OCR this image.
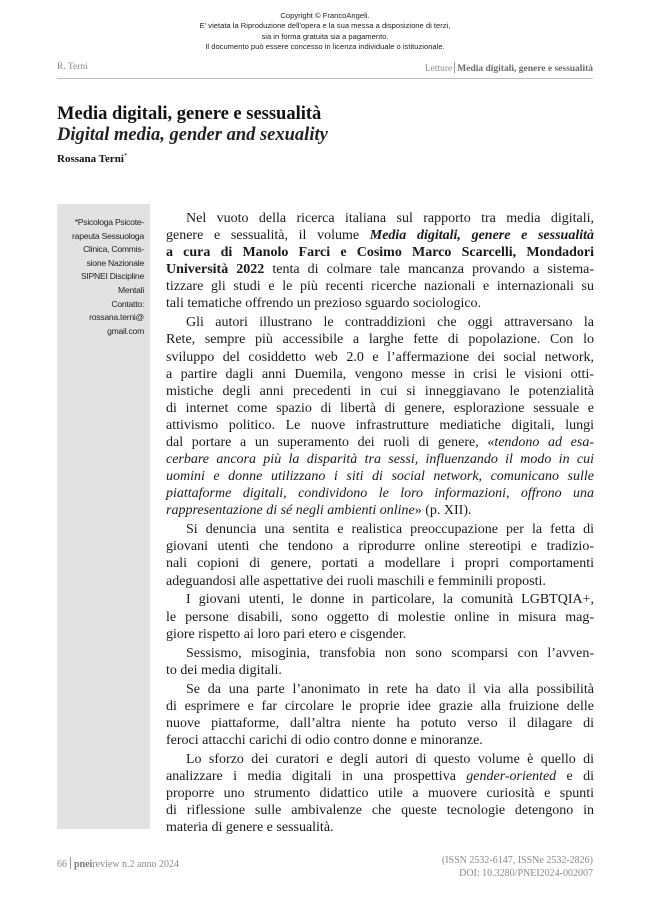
Copyright © FrancoAngeli.
E' vietata la Riproduzione dell'opera e la sua messa a disposizione di terzi,
sia in forma gratuita sia a pagamento.
Il documento può essere concesso in licenza individuale o istituzionale.
R. Terni	Letture Media digitali, genere e sessualità
Media digitali, genere e sessualità
Digital media, gender and sexuality
Rossana Terni*
*Psicologa Psicote-
rapeuta Sessuologa
Clinica, Commis-
sione Nazionale
SIPNEI Discipline
Mentali
Contatto:
rossana.terni@
gmail.com
Nel vuoto della ricerca italiana sul rapporto tra media digitali,
genere e sessualità, il volume Media digitali, genere e sessualità
a cura di Manolo Farci e Cosimo Marco Scarcelli, Mondadori
Università 2022 tenta di colmare tale mancanza provando a sistema-
tizzare gli studi e le più recenti ricerche nazionali e internazionali su
tali tematiche offrendo un prezioso sguardo sociologico.
Gli autori illustrano le contraddizioni che oggi attraversano la
Rete, sempre più accessibile a larghe fette di popolazione. Con lo
sviluppo del cosiddetto web 2.0 e l’affermazione dei social network,
a partire dagli anni Duemila, vengono messe in crisi le visioni otti-
mistiche degli anni precedenti in cui si inneggiavano le potenzialità
di internet come spazio di libertà di genere, esplorazione sessuale e
attivismo politico. Le nuove infrastrutture mediatiche digitali, lungi
dal portare a un superamento dei ruoli di genere, «tendono ad esa-
cerbare ancora più la disparità tra sessi, influenzando il modo in cui
uomini e donne utilizzano i siti di social network, comunicano sulle
piattaforme digitali, condividono le loro informazioni, offrono una
rappresentazione di sé negli ambienti online» (p. XII).
Si denuncia una sentita e realistica preoccupazione per la fetta di
giovani utenti che tendono a riprodurre online stereotipi e tradizio-
nali copioni di genere, portati a modellare i propri comportamenti
adeguandosi alle aspettative dei ruoli maschili e femminili proposti.
I giovani utenti, le donne in particolare, la comunità LGBTQIA+,
le persone disabili, sono oggetto di molestie online in misura mag-
giore rispetto ai loro pari etero e cisgender.
Sessismo, misoginia, transfobia non sono scomparsi con l’avven-
to dei media digitali.
Se da una parte l’anonimato in rete ha dato il via alla possibilità
di esprimere e far circolare le proprie idee grazie alla fruizione delle
nuove piattaforme, dall’altra niente ha potuto verso il dilagare di
feroci attacchi carichi di odio contro donne e minoranze.
Lo sforzo dei curatori e degli autori di questo volume è quello di
analizzare i media digitali in una prospettiva gender-oriented e di
proporre uno strumento didattico utile a muovere curiosità e spunti
di riflessione sulle ambivalenze che queste tecnologie detengono in
materia di genere e sessualità.
66 pneireview n.2 anno 2024	(ISSN 2532-6147, ISSNe 2532-2826)
DOI: 10.3280/PNEI2024-002007
